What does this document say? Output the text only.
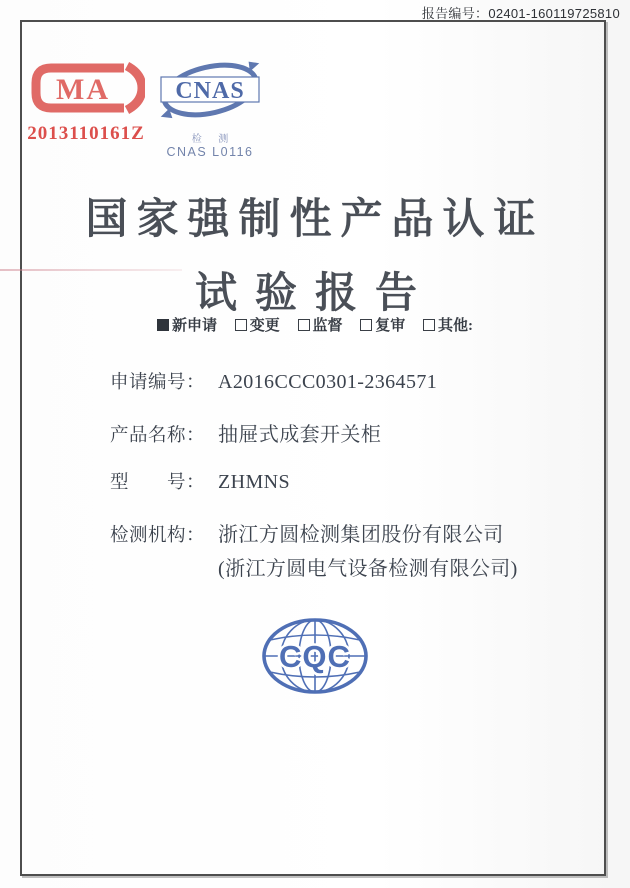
报告编号：02401-160119725810
MA
2013110161Z
CNAS
检 测
CNAS L0116
国家强制性产品认证
试验报告
新申请
变更
监督
复审
其他:
申请编号： A2016CCC0301-2364571
产品名称： 抽屉式成套开关柜
型　　号： ZHMNS
检测机构： 浙江方圆检测集团股份有限公司
(浙江方圆电气设备检测有限公司)
CQC
